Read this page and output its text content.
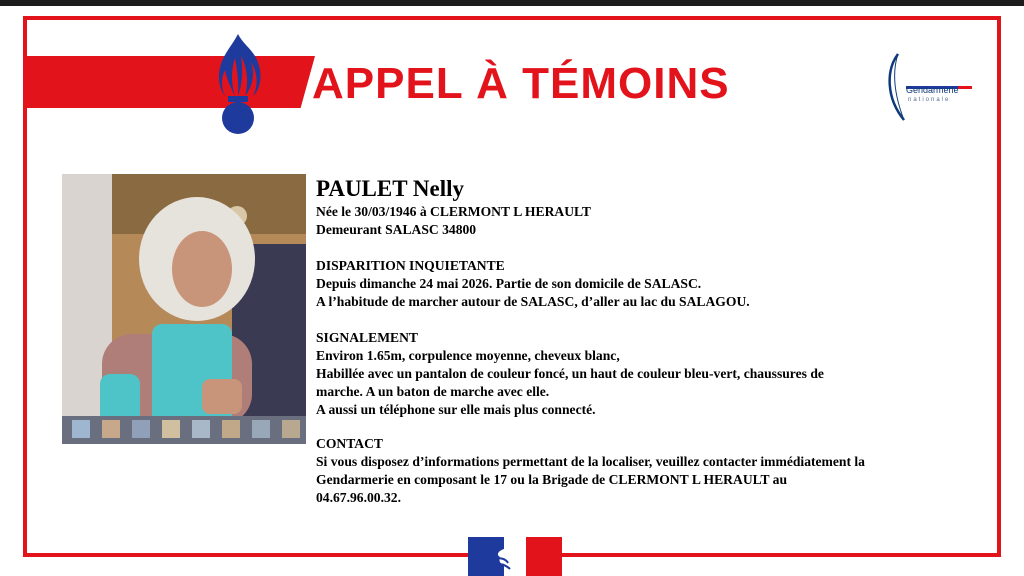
APPEL À TÉMOINS	Gendarmerie
nationale
PAULET Nelly
Née le 30/03/1946 à CLERMONT L HERAULT
Demeurant SALASC 34800
DISPARITION INQUIETANTE
Depuis dimanche 24 mai 2026. Partie de son domicile de SALASC.
A l’habitude de marcher autour de SALASC, d’aller au lac du SALAGOU.
SIGNALEMENT
Environ 1.65m, corpulence moyenne, cheveux blanc,
Habillée avec un pantalon de couleur foncé, un haut de couleur bleu-vert, chaussures de
marche. A un baton de marche avec elle.
A aussi un téléphone sur elle mais plus connecté.
CONTACT
Si vous disposez d’informations permettant de la localiser, veuillez contacter immédiatement la
Gendarmerie en composant le 17 ou la Brigade de CLERMONT L HERAULT au
04.67.96.00.32.
